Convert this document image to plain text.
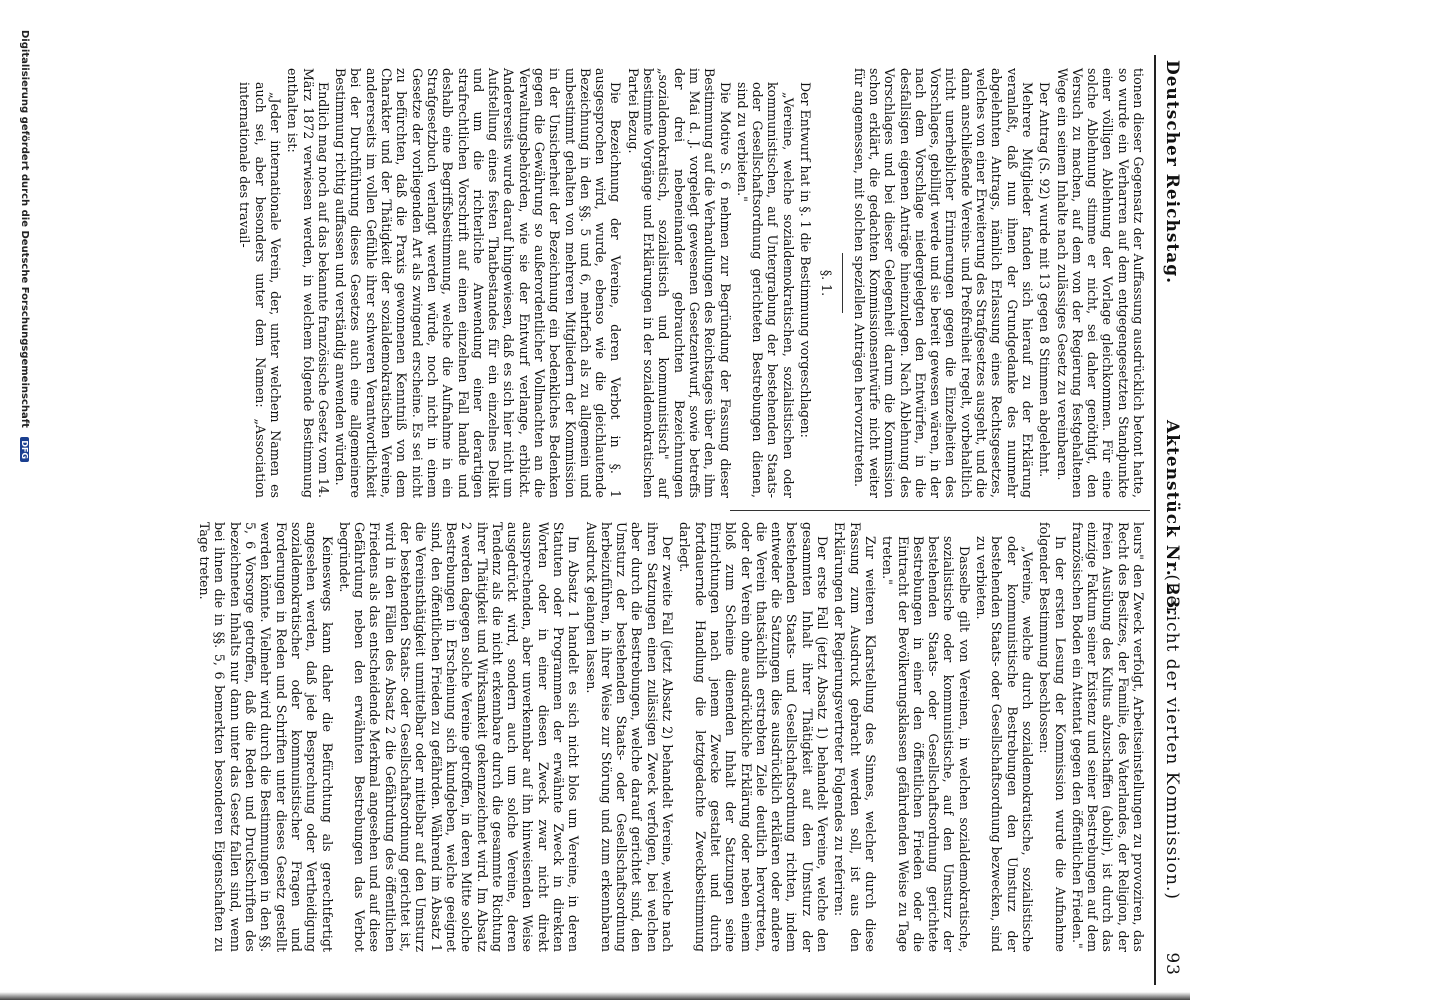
Deutscher Reichstag.
Aktenstück Nr. 23.
(Bericht der vierten Kommission.)
93

tionen dieser Gegensatz der Auffassung ausdrücklich betont hatte, so wurde ein Verharren auf dem entgegengesetzten Standpunkte einer völligen Ablehnung der Vorlage gleichkommen. Für eine solche Ablehnung stimme er nicht, sei daher genöthigt, den Versuch zu machen, auf dem von der Regierung festgehaltenen Wege ein seinem Inhalte nach zulässiges Gesetz zu vereinbaren.

Der Antrag (S. 92) wurde mit 13 gegen 8 Stimmen abgelehnt.

Mehrere Mitglieder fanden sich hierauf zu der Erklärung veranlaßt, daß nun ihnen der Grundgedanke des nunmehr abgelehnten Antrags, nämlich Erlassung eines Rechtsgesetzes, welches von einer Erweiterung des Strafgesetzes ausgeht, und die dann anschließende Vereins- und Preßfreiheit regelt, vorbehaltlich nicht unerheblicher Erinnerungen gegen die Einzelheiten des Vorschlages, gebilligt werde und sie bereit gewesen wären, in der nach dem Vorschlage niedergelegten den Entwürfen, in die desfallsigen eigenen Anträge hineinzulegen. Nach Ablehnung des Vorschlages und bei dieser Gelegenheit darum die Kommission schon erklärt, die gedachten Kommissionsentwürfe nicht weiter für angemessen, mit solchen speziellen Anträgen hervorzutreten.

§. 1.

Der Entwurf hat in §. 1 die Bestimmung vorgeschlagen:

„Vereine, welche sozialdemokratischen, sozialistischen oder kommunistischen, auf Untergrabung der bestehenden Staats- oder Gesellschaftsordnung gerichteten Bestrebungen dienen, sind zu verbieten."

Die Motive S. 6 nehmen zur Begründung der Fassung dieser Bestimmung auf die Verhandlungen des Reichstages über den, ihm im Mai d. J. vorgelegt gewesenen Gesetzentwurf, sowie betreffs der drei nebeneinander gebrauchten Bezeichnungen „sozialdemokratisch, sozialistisch und kommunistisch" auf bestimmte Vorgänge und Erklärungen in der sozialdemokratischen Partei Bezug.

Die Bezeichnung der Vereine, deren Verbot in §. 1 ausgesprochen wird, wurde, ebenso wie die gleichlautende Bezeichnung in den §§. 5 und 6, mehrfach als zu allgemein und unbestimmt gehalten von mehreren Mitgliedern der Kommission in der Unsicherheit der Bezeichnung ein bedenkliches Bedenken gegen die Gewährung so außerordentlicher Vollmachten an die Verwaltungsbehörden, wie sie der Entwurf verlange, erblickt. Andererseits wurde darauf hingewiesen, daß es sich hier nicht um Aufstellung eines festen Thatbestandes für ein einzelnes Delikt und um die richterliche Anwendung einer derartigen strafrechtlichen Vorschrift auf einen einzelnen Fall handle und deshalb eine Begriffsbestimmung, welche die Aufnahme in ein Strafgesetzbuch verlangt werden würde, noch nicht in einem Gesetze der vorliegenden Art als zwingend erscheine. Es sei nicht zu befürchten, daß die Praxis gewonnenen Kenntniß von dem Charakter und der Thätigkeit der sozialdemokratischen Vereine, andererseits im vollen Gefühle ihrer schweren Verantwortlichkeit bei der Durchführung dieses Gesetzes auch eine allgemeinere Bestimmung richtig auffassen und verständig anwenden würden.

Endlich mag noch auf das bekannte französische Gesetz vom 14. März 1872 verwiesen werden, in welchem folgende Bestimmung enthalten ist:

„Jeder internationale Verein, der, unter welchem Namen es auch sei, aber besonders unter dem Namen: „Association internationale des travail-

leurs" den Zweck verfolgt, Arbeitseinstellungen zu provoziren, das Recht des Besitzes, der Familie, des Vaterlandes, der Religion, der freien Ausübung des Kultus abzuschaffen (abolir), ist durch das einzige Faktum seiner Existenz und seiner Bestrebungen auf dem französischen Boden ein Attentat gegen den öffentlichen Frieden."

In der ersten Lesung der Kommission wurde die Aufnahme folgender Bestimmung beschlossen:

„Vereine, welche durch sozialdemokratische, sozialistische oder kommunistische Bestrebungen den Umsturz der bestehenden Staats- oder Gesellschaftsordnung bezwecken, sind zu verbieten.

Dasselbe gilt von Vereinen, in welchen sozialdemokratische, sozialistische oder kommunistische, auf den Umsturz der bestehenden Staats- oder Gesellschaftsordnung gerichtete Bestrebungen in einer den öffentlichen Frieden oder die Eintracht der Bevölkerungsklassen gefährdenden Weise zu Tage treten."

Zur weiteren Klarstellung des Sinnes, welcher durch diese Fassung zum Ausdruck gebracht werden soll, ist aus den Erklärungen der Regierungsvertreter Folgendes zu referiren:

Der erste Fall (jetzt Absatz 1) behandelt Vereine, welche den gesammten Inhalt ihrer Thätigkeit auf den Umsturz der bestehenden Staats- und Gesellschaftsordnung richten, indem entweder die Satzungen dies ausdrücklich erklären oder andere die Verein thatsächlich erstrebten Ziele deutlich hervortreten, oder der Verein ohne ausdrückliche Erklärung oder neben einem bloß zum Scheine dienenden Inhalt der Satzungen seine Einrichtungen nach jenem Zwecke gestaltet und durch fortdauernde Handlung die letztgedachte Zweckbestimmung darlegt.

Der zweite Fall (jetzt Absatz 2) behandelt Vereine, welche nach ihren Satzungen einen zulässigen Zweck verfolgen, bei welchen aber durch die Bestrebungen, welche darauf gerichtet sind, den Umsturz der bestehenden Staats- oder Gesellschaftsordnung herbeizuführen, in ihrer Weise zur Störung und zum erkennbaren Ausdruck gelangen lassen.

Im Absatz 1 handelt es sich nicht blos um Vereine, in deren Statuten oder Programmen der erwähnte Zweck in direkten Worten oder in einer diesen Zweck zwar nicht direkt aussprechenden, aber unverkennbar auf ihn hinweisenden Weise ausgedrückt wird, sondern auch um solche Vereine, deren Tendenz als die nicht erkennbare durch die gesammte Richtung ihrer Thätigkeit und Wirksamkeit gekennzeichnet wird. Im Absatz 2 werden dagegen solche Vereine getroffen, in deren Mitte solche Bestrebungen in Erscheinung sich kundgeben, welche geeignet sind, den öffentlichen Frieden zu gefährden. Während im Absatz 1 die Vereinsthätigkeit unmittelbar oder mittelbar auf den Umsturz der bestehenden Staats- oder Gesellschaftsordnung gerichtet ist, wird in den Fällen des Absatz 2 die Gefährdung des öffentlichen Friedens als das entscheidende Merkmal angesehen und auf diese Gefährdung neben den erwähnten Bestrebungen das Verbot begründet.

Keineswegs kann daher die Befürchtung als gerechtfertigt angesehen werden, daß jede Besprechung oder Vertheidigung sozialdemokratischer oder kommunistischer Fragen und Forderungen in Reden und Schriften unter dieses Gesetz gestellt werden könnte. Vielmehr wird durch die Bestimmungen in den §§. 5, 6 Vorsorge getroffen, daß die Reden und Druckschriften des bezeichneten Inhalts nur dann unter das Gesetz fallen sind, wenn bei ihnen die in §§. 5, 6 bemerkten besonderen Eigenschaften zu Tage treten.

Digitalisierung gefördert durch die Deutsche Forschungsgemeinschaft DFG
